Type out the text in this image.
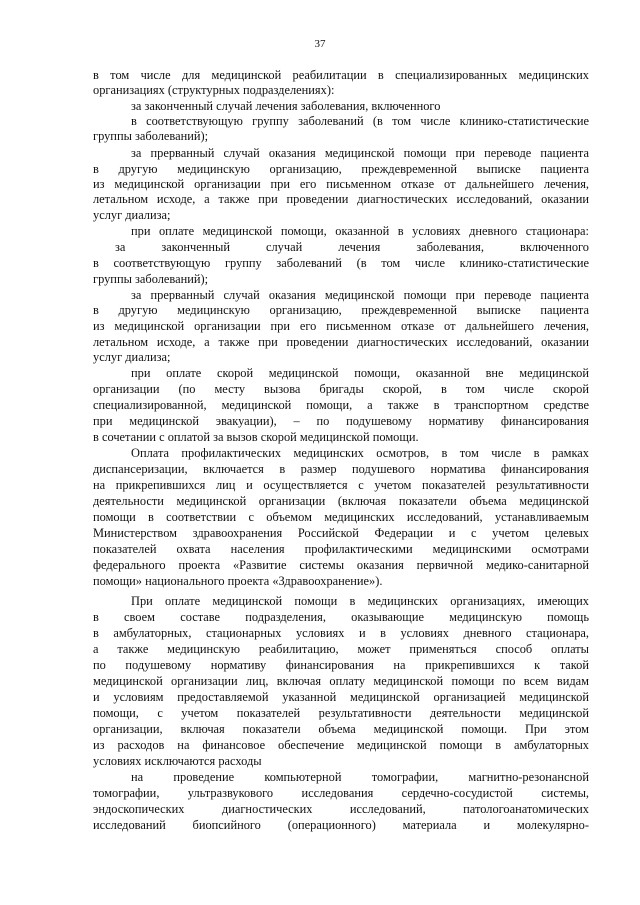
37
в том числе для медицинской реабилитации в специализированных медицинских
организациях (структурных подразделениях):
за законченный случай лечения заболевания, включенного
в соответствующую группу заболеваний (в том числе клинико-статистические
группы заболеваний);
за прерванный случай оказания медицинской помощи при переводе пациента
в другую медицинскую организацию, преждевременной выписке пациента
из медицинской организации при его письменном отказе от дальнейшего лечения,
летальном исходе, а также при проведении диагностических исследований, оказании
услуг диализа;
при оплате медицинской помощи, оказанной в условиях дневного стационара:
за законченный случай лечения заболевания, включенного
в соответствующую группу заболеваний (в том числе клинико-статистические
группы заболеваний);
за прерванный случай оказания медицинской помощи при переводе пациента
в другую медицинскую организацию, преждевременной выписке пациента
из медицинской организации при его письменном отказе от дальнейшего лечения,
летальном исходе, а также при проведении диагностических исследований, оказании
услуг диализа;
при оплате скорой медицинской помощи, оказанной вне медицинской
организации (по месту вызова бригады скорой, в том числе скорой
специализированной, медицинской помощи, а также в транспортном средстве
при медицинской эвакуации), – по подушевому нормативу финансирования
в сочетании с оплатой за вызов скорой медицинской помощи.
Оплата профилактических медицинских осмотров, в том числе в рамках
диспансеризации, включается в размер подушевого норматива финансирования
на прикрепившихся лиц и осуществляется с учетом показателей результативности
деятельности медицинской организации (включая показатели объема медицинской
помощи в соответствии с объемом медицинских исследований, устанавливаемым
Министерством здравоохранения Российской Федерации и с учетом целевых
показателей охвата населения профилактическими медицинскими осмотрами
федерального проекта «Развитие системы оказания первичной медико-санитарной
помощи» национального проекта «Здравоохранение»).
При оплате медицинской помощи в медицинских организациях, имеющих
в своем составе подразделения, оказывающие медицинскую помощь
в амбулаторных, стационарных условиях и в условиях дневного стационара,
а также медицинскую реабилитацию, может применяться способ оплаты
по подушевому нормативу финансирования на прикрепившихся к такой
медицинской организации лиц, включая оплату медицинской помощи по всем видам
и условиям предоставляемой указанной медицинской организацией медицинской
помощи, с учетом показателей результативности деятельности медицинской
организации, включая показатели объема медицинской помощи. При этом
из расходов на финансовое обеспечение медицинской помощи в амбулаторных
условиях исключаются расходы
на проведение компьютерной томографии, магнитно-резонансной
томографии, ультразвукового исследования сердечно-сосудистой системы,
эндоскопических диагностических исследований, патологоанатомических
исследований биопсийного (операционного) материала и молекулярно-
